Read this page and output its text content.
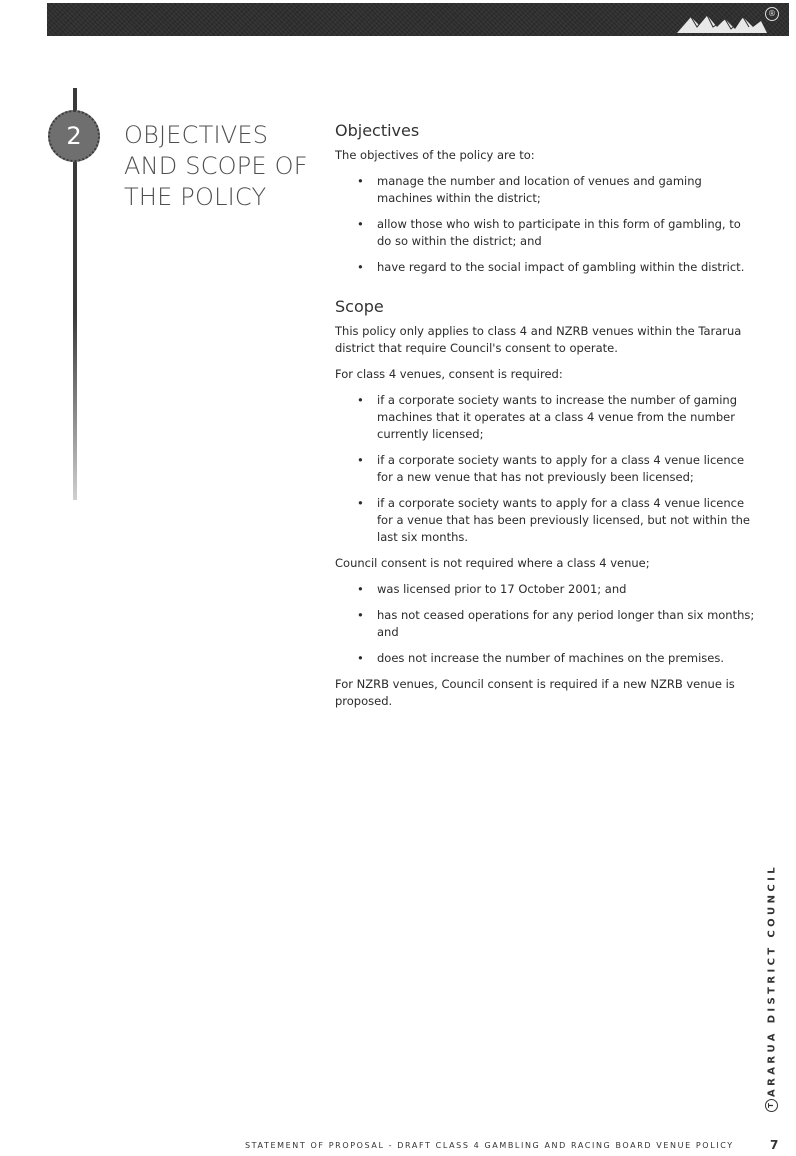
®
2	OBJECTIVES AND SCOPE OF THE POLICY
Objectives

The objectives of the policy are to:

• manage the number and location of venues and gaming machines within the district;
• allow those who wish to participate in this form of gambling, to do so within the district; and
• have regard to the social impact of gambling within the district.
Scope

This policy only applies to class 4 and NZRB venues within the Tararua district that require Council's consent to operate.

For class 4 venues, consent is required:

• if a corporate society wants to increase the number of gaming machines that it operates at a class 4 venue from the number currently licensed;
• if a corporate society wants to apply for a class 4 venue licence for a new venue that has not previously been licensed;
• if a corporate society wants to apply for a class 4 venue licence for a venue that has been previously licensed, but not within the last six months.

Council consent is not required where a class 4 venue;

• was licensed prior to 17 October 2001; and
• has not ceased operations for any period longer than six months; and
• does not increase the number of machines on the premises.

For NZRB venues, Council consent is required if a new NZRB venue is proposed.

TARARUA DISTRICT COUNCIL
STATEMENT OF PROPOSAL - DRAFT CLASS 4 GAMBLING AND RACING BOARD VENUE POLICY	7
